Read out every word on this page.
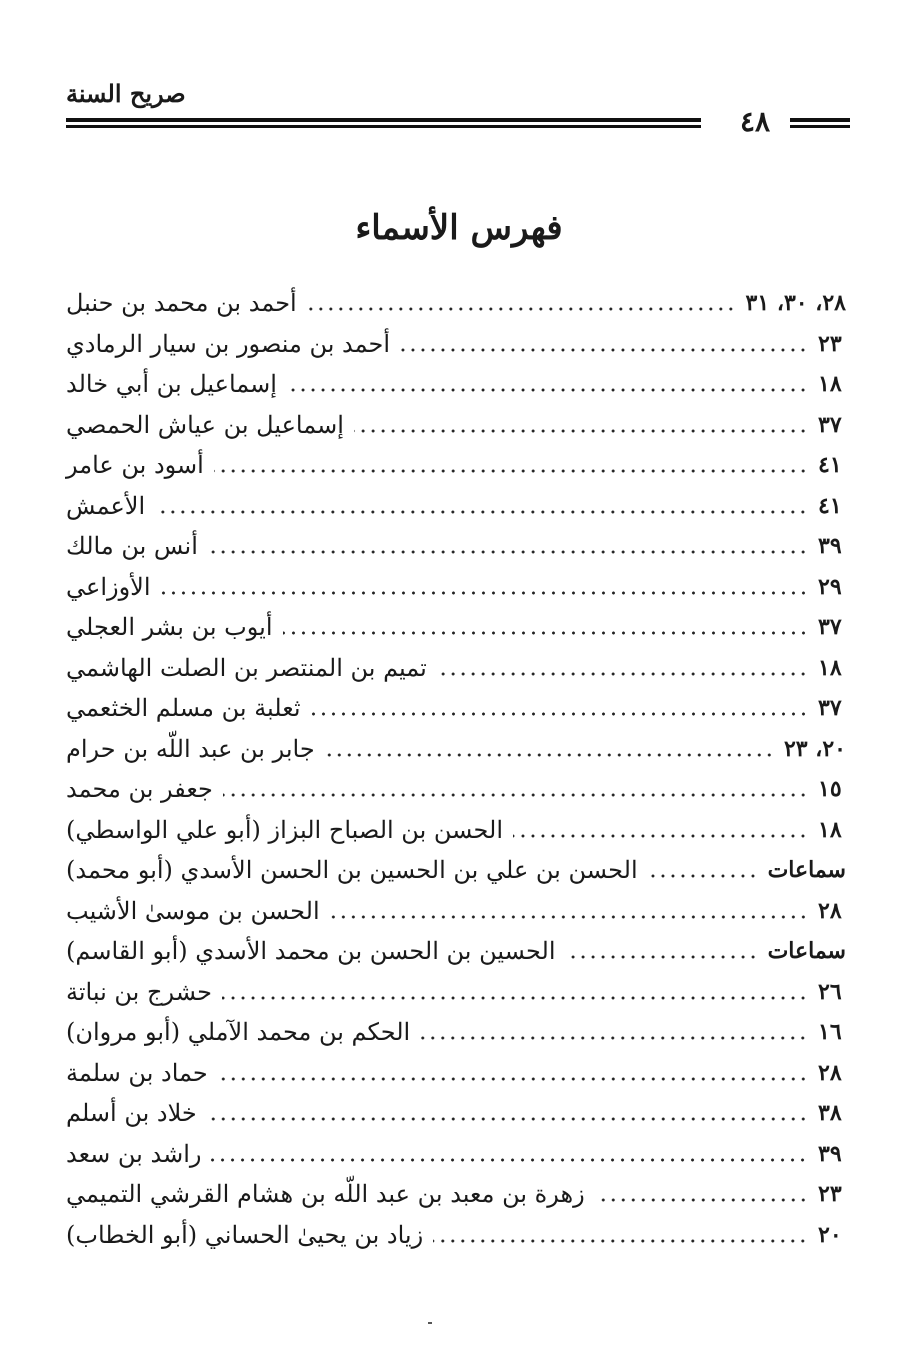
صريح السنة
٤٨
فهرس الأسماء
أحمد بن محمد بن حنبل	٢٨، ٣٠، ٣١
أحمد بن منصور بن سيار الرمادي	٢٣
إسماعيل بن أبي خالد	١٨
إسماعيل بن عياش الحمصي	٣٧
أسود بن عامر	٤١
الأعمش	٤١
أنس بن مالك	٣٩
الأوزاعي	٢٩
أيوب بن بشر العجلي	٣٧
تميم بن المنتصر بن الصلت الهاشمي	١٨
ثعلبة بن مسلم الخثعمي	٣٧
جابر بن عبد اللّه بن حرام	٢٠، ٢٣
جعفر بن محمد	١٥
الحسن بن الصباح البزاز (أبو علي الواسطي)	١٨
الحسن بن علي بن الحسين بن الحسن الأسدي (أبو محمد)	سماعات
الحسن بن موسىٰ الأشيب	٢٨
الحسين بن الحسن بن محمد الأسدي (أبو القاسم)	سماعات
حشرج بن نباتة	٢٦
الحكم بن محمد الآملي (أبو مروان)	١٦
حماد بن سلمة	٢٨
خلاد بن أسلم	٣٨
راشد بن سعد	٣٩
زهرة بن معبد بن عبد اللّه بن هشام القرشي التميمي	٢٣
زياد بن يحيىٰ الحساني (أبو الخطاب)	٢٠
